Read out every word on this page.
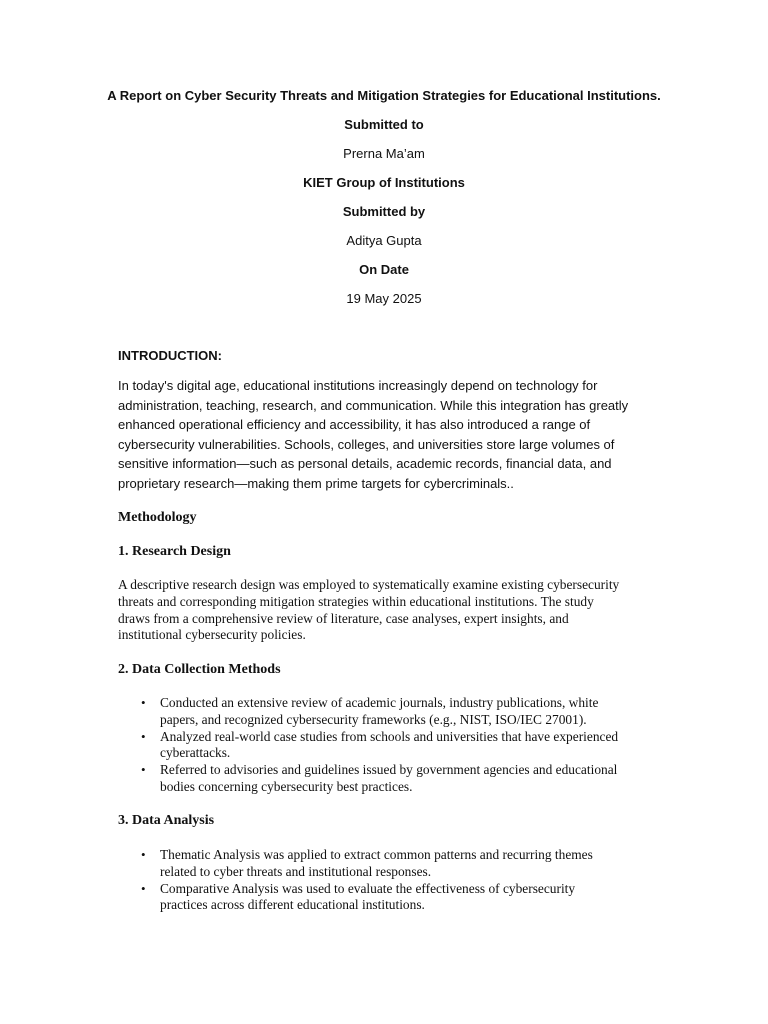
A Report on Cyber Security Threats and Mitigation Strategies for Educational Institutions.
Submitted to
Prerna Ma’am
KIET Group of Institutions
Submitted by
Aditya Gupta
On Date
19 May 2025
INTRODUCTION:

In today's digital age, educational institutions increasingly depend on technology for
administration, teaching, research, and communication. While this integration has greatly
enhanced operational efficiency and accessibility, it has also introduced a range of
cybersecurity vulnerabilities. Schools, colleges, and universities store large volumes of
sensitive information—such as personal details, academic records, financial data, and
proprietary research—making them prime targets for cybercriminals..

Methodology
1. Research Design

A descriptive research design was employed to systematically examine existing cybersecurity
threats and corresponding mitigation strategies within educational institutions. The study
draws from a comprehensive review of literature, case analyses, expert insights, and
institutional cybersecurity policies.

2. Data Collection Methods
• Conducted an extensive review of academic journals, industry publications, white
papers, and recognized cybersecurity frameworks (e.g., NIST, ISO/IEC 27001).
• Analyzed real-world case studies from schools and universities that have experienced
cyberattacks.
• Referred to advisories and guidelines issued by government agencies and educational
bodies concerning cybersecurity best practices.
3. Data Analysis
• Thematic Analysis was applied to extract common patterns and recurring themes
related to cyber threats and institutional responses.
• Comparative Analysis was used to evaluate the effectiveness of cybersecurity
practices across different educational institutions.
